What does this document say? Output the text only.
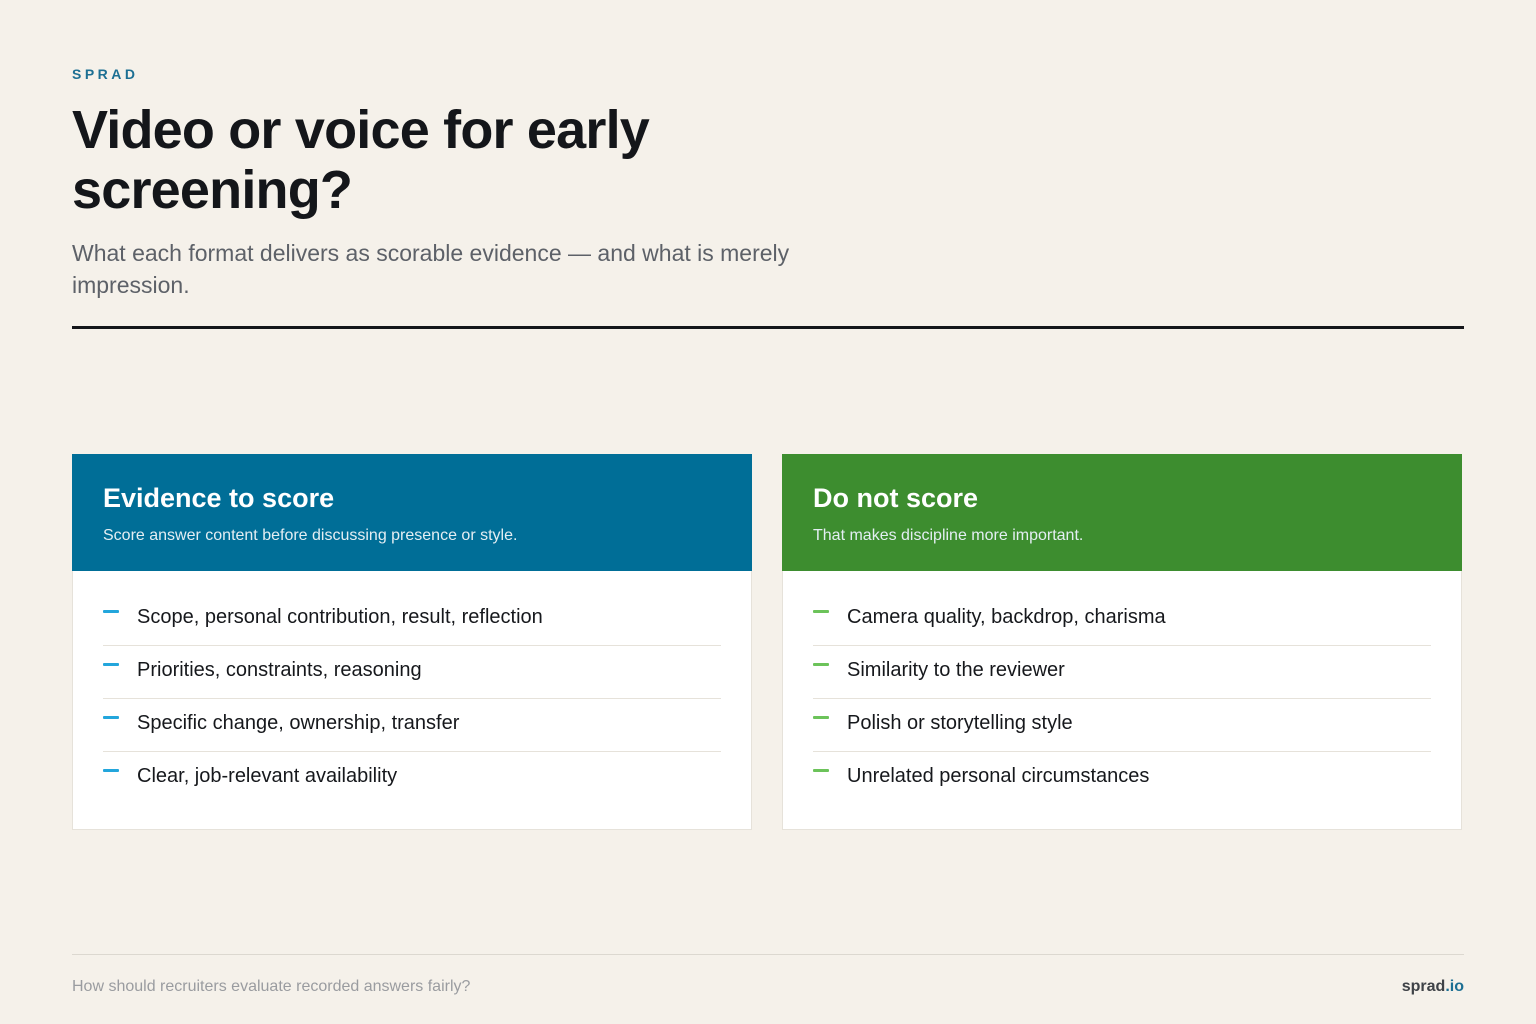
SPRAD
Video or voice for early screening?

What each format delivers as scorable evidence — and what is merely impression.

Evidence to score
Score answer content before discussing presence or style.
Scope, personal contribution, result, reflection
Priorities, constraints, reasoning
Specific change, ownership, transfer
Clear, job-relevant availability
Do not score
That makes discipline more important.
Camera quality, backdrop, charisma
Similarity to the reviewer
Polish or storytelling style
Unrelated personal circumstances
How should recruiters evaluate recorded answers fairly?	sprad.io
